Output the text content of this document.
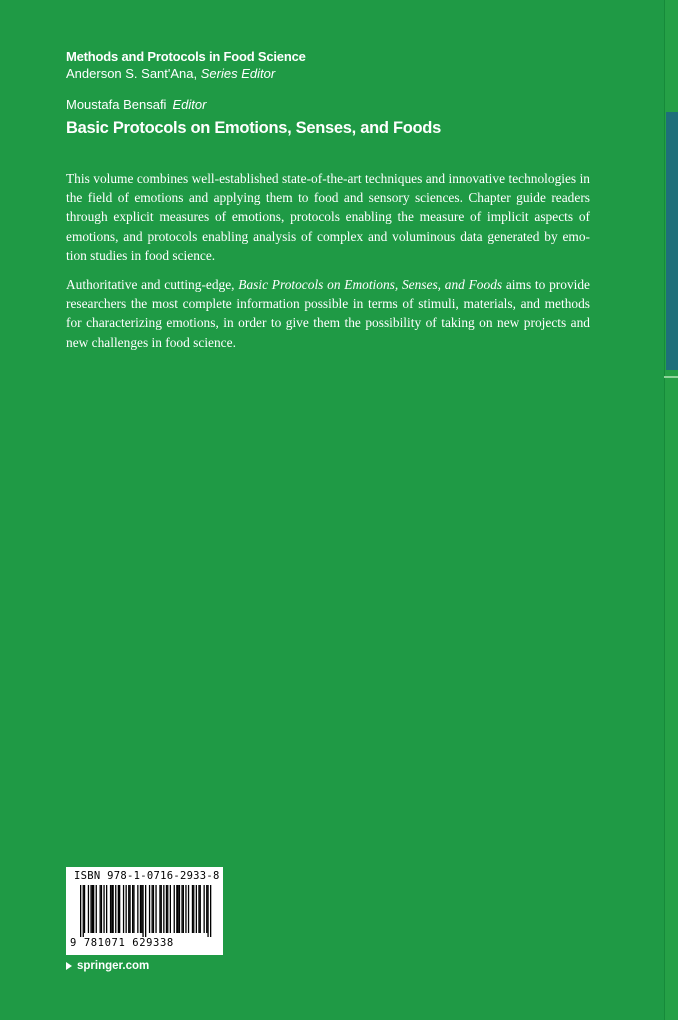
Methods and Protocols in Food Science
Anderson S. Sant'Ana, Series Editor
Moustafa Bensafi Editor
Basic Protocols on Emotions, Senses, and Foods

This volume combines well-established state-of-the-art techniques and innovative technologies in the field of emotions and applying them to food and sensory sciences. Chapter guide readers through explicit measures of emotions, protocols enabling the measure of implicit aspects of emotions, and protocols enabling analysis of complex and voluminous data generated by emo-tion studies in food science.

Authoritative and cutting-edge, Basic Protocols on Emotions, Senses, and Foods aims to provide researchers the most complete information possible in terms of stimuli, materials, and methods for characterizing emotions, in order to give them the possibility of taking on new projects and new challenges in food science.

ISBN 978-1-0716-2933-8
9 781071 629338
springer.com
